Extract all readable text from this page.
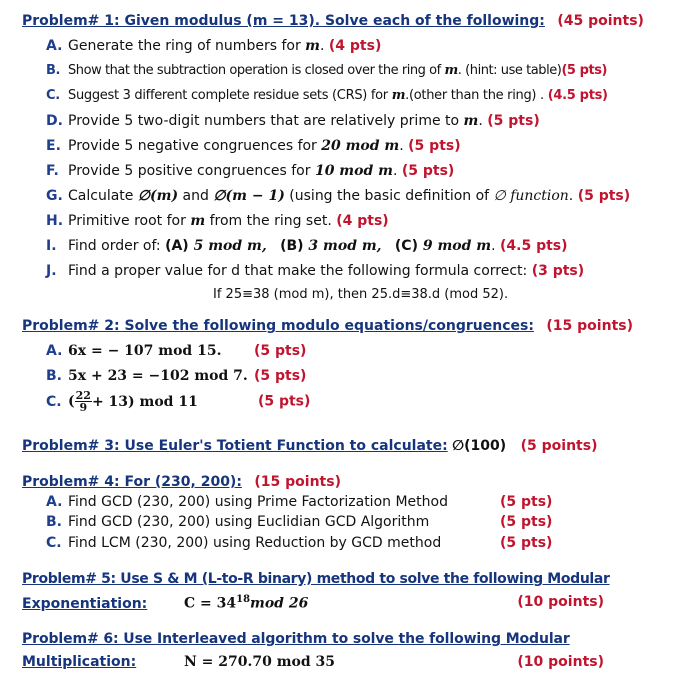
Problem# 1: Given modulus (m = 13). Solve each of the following: (45 points)
A. Generate the ring of numbers for m. (4 pts)
B. Show that the subtraction operation is closed over the ring of m. (hint: use table)(5 pts)
C. Suggest 3 different complete residue sets (CRS) for m.(other than the ring) . (4.5 pts)
D. Provide 5 two-digit numbers that are relatively prime to m. (5 pts)
E. Provide 5 negative congruences for 20 mod m. (5 pts)
F. Provide 5 positive congruences for 10 mod m. (5 pts)
G. Calculate ∅(m) and ∅(m − 1) (using the basic definition of ∅ function. (5 pts)
H. Primitive root for m from the ring set. (4 pts)
I. Find order of: (A) 5 mod m, (B) 3 mod m, (C) 9 mod m. (4.5 pts)
J. Find a proper value for d that make the following formula correct: (3 pts)
If 25≡38 (mod m), then 25.d≡38.d (mod 52).
Problem# 2: Solve the following modulo equations/congruences: (15 points)
A. 6x = − 107 mod 15. (5 pts)
B. 5x + 23 = −102 mod 7. (5 pts)
C. ( $\frac{22}{9} + 13$) mod 11	(5 pts)
Problem# 3: Use Euler's Totient Function to calculate: ∅(100) (5 points)
Problem# 4: For (230, 200): (15 points)
A. Find GCD (230, 200) using Prime Factorization Method	(5 pts)
B. Find GCD (230, 200) using Euclidian GCD Algorithm	(5 pts)
C. Find LCM (230, 200) using Reduction by GCD method	(5 pts)
Problem# 5: Use S & M (L-to-R binary) method to solve the following Modular
Exponentiation:	$C = 34^{18}mod$ 26	(10 points)
Problem# 6: Use Interleaved algorithm to solve the following Modular
Multiplication:	N = 270.70 mod 35	(10 points)
